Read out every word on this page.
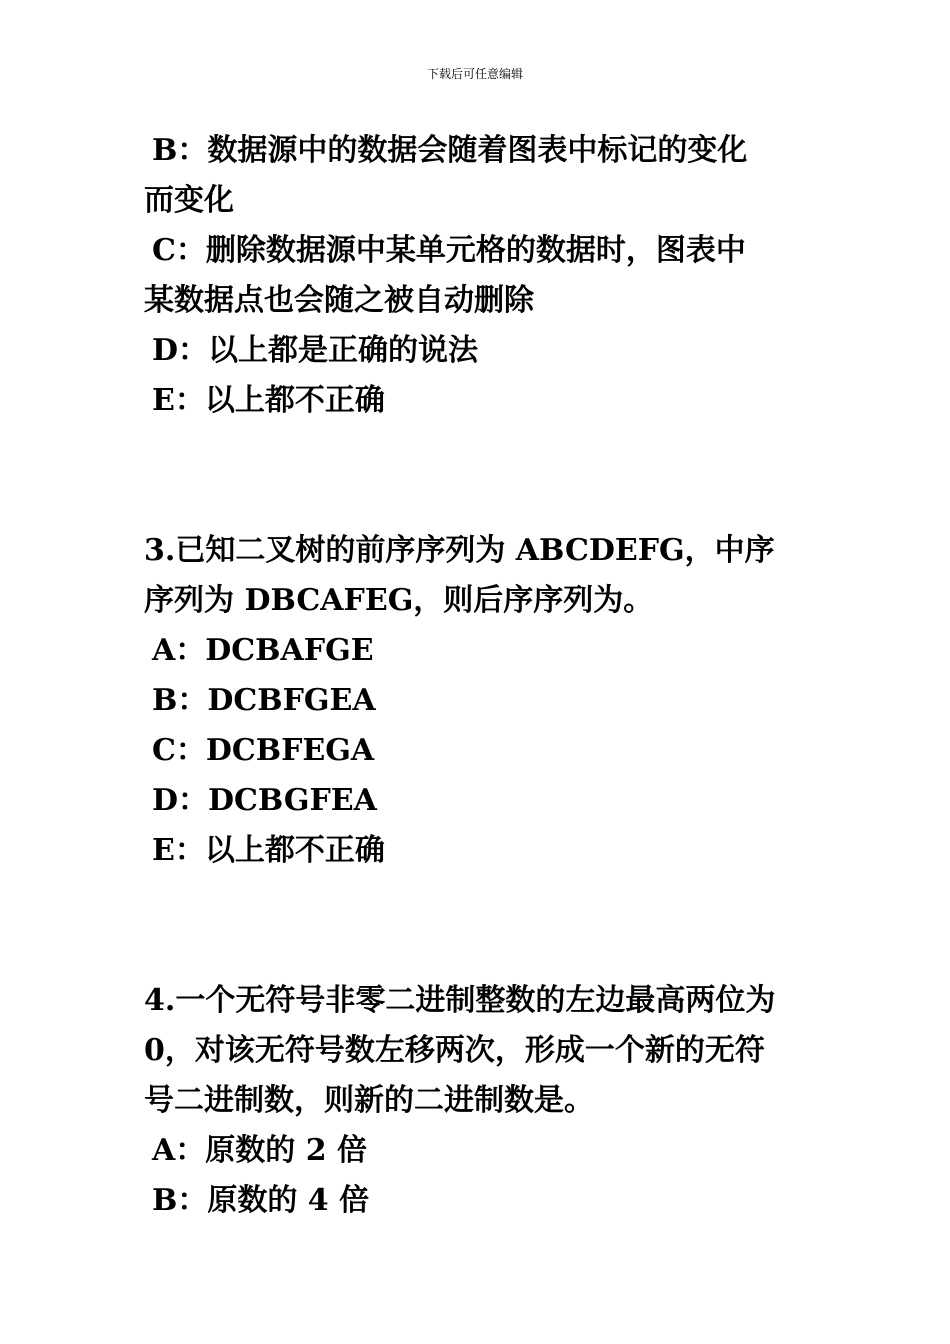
下载后可任意编辑
B：数据源中的数据会随着图表中标记的变化
而变化
C：删除数据源中某单元格的数据时，图表中
某数据点也会随之被自动删除
D：以上都是正确的说法
E：以上都不正确
3.已知二叉树的前序序列为 ABCDEFG，中序
序列为 DBCAFEG，则后序序列为。
A：DCBAFGE
B：DCBFGEA
C：DCBFEGA
D：DCBGFEA
E：以上都不正确
4.一个无符号非零二进制整数的左边最高两位为
0，对该无符号数左移两次，形成一个新的无符
号二进制数，则新的二进制数是。
A：原数的 2 倍
B：原数的 4 倍
